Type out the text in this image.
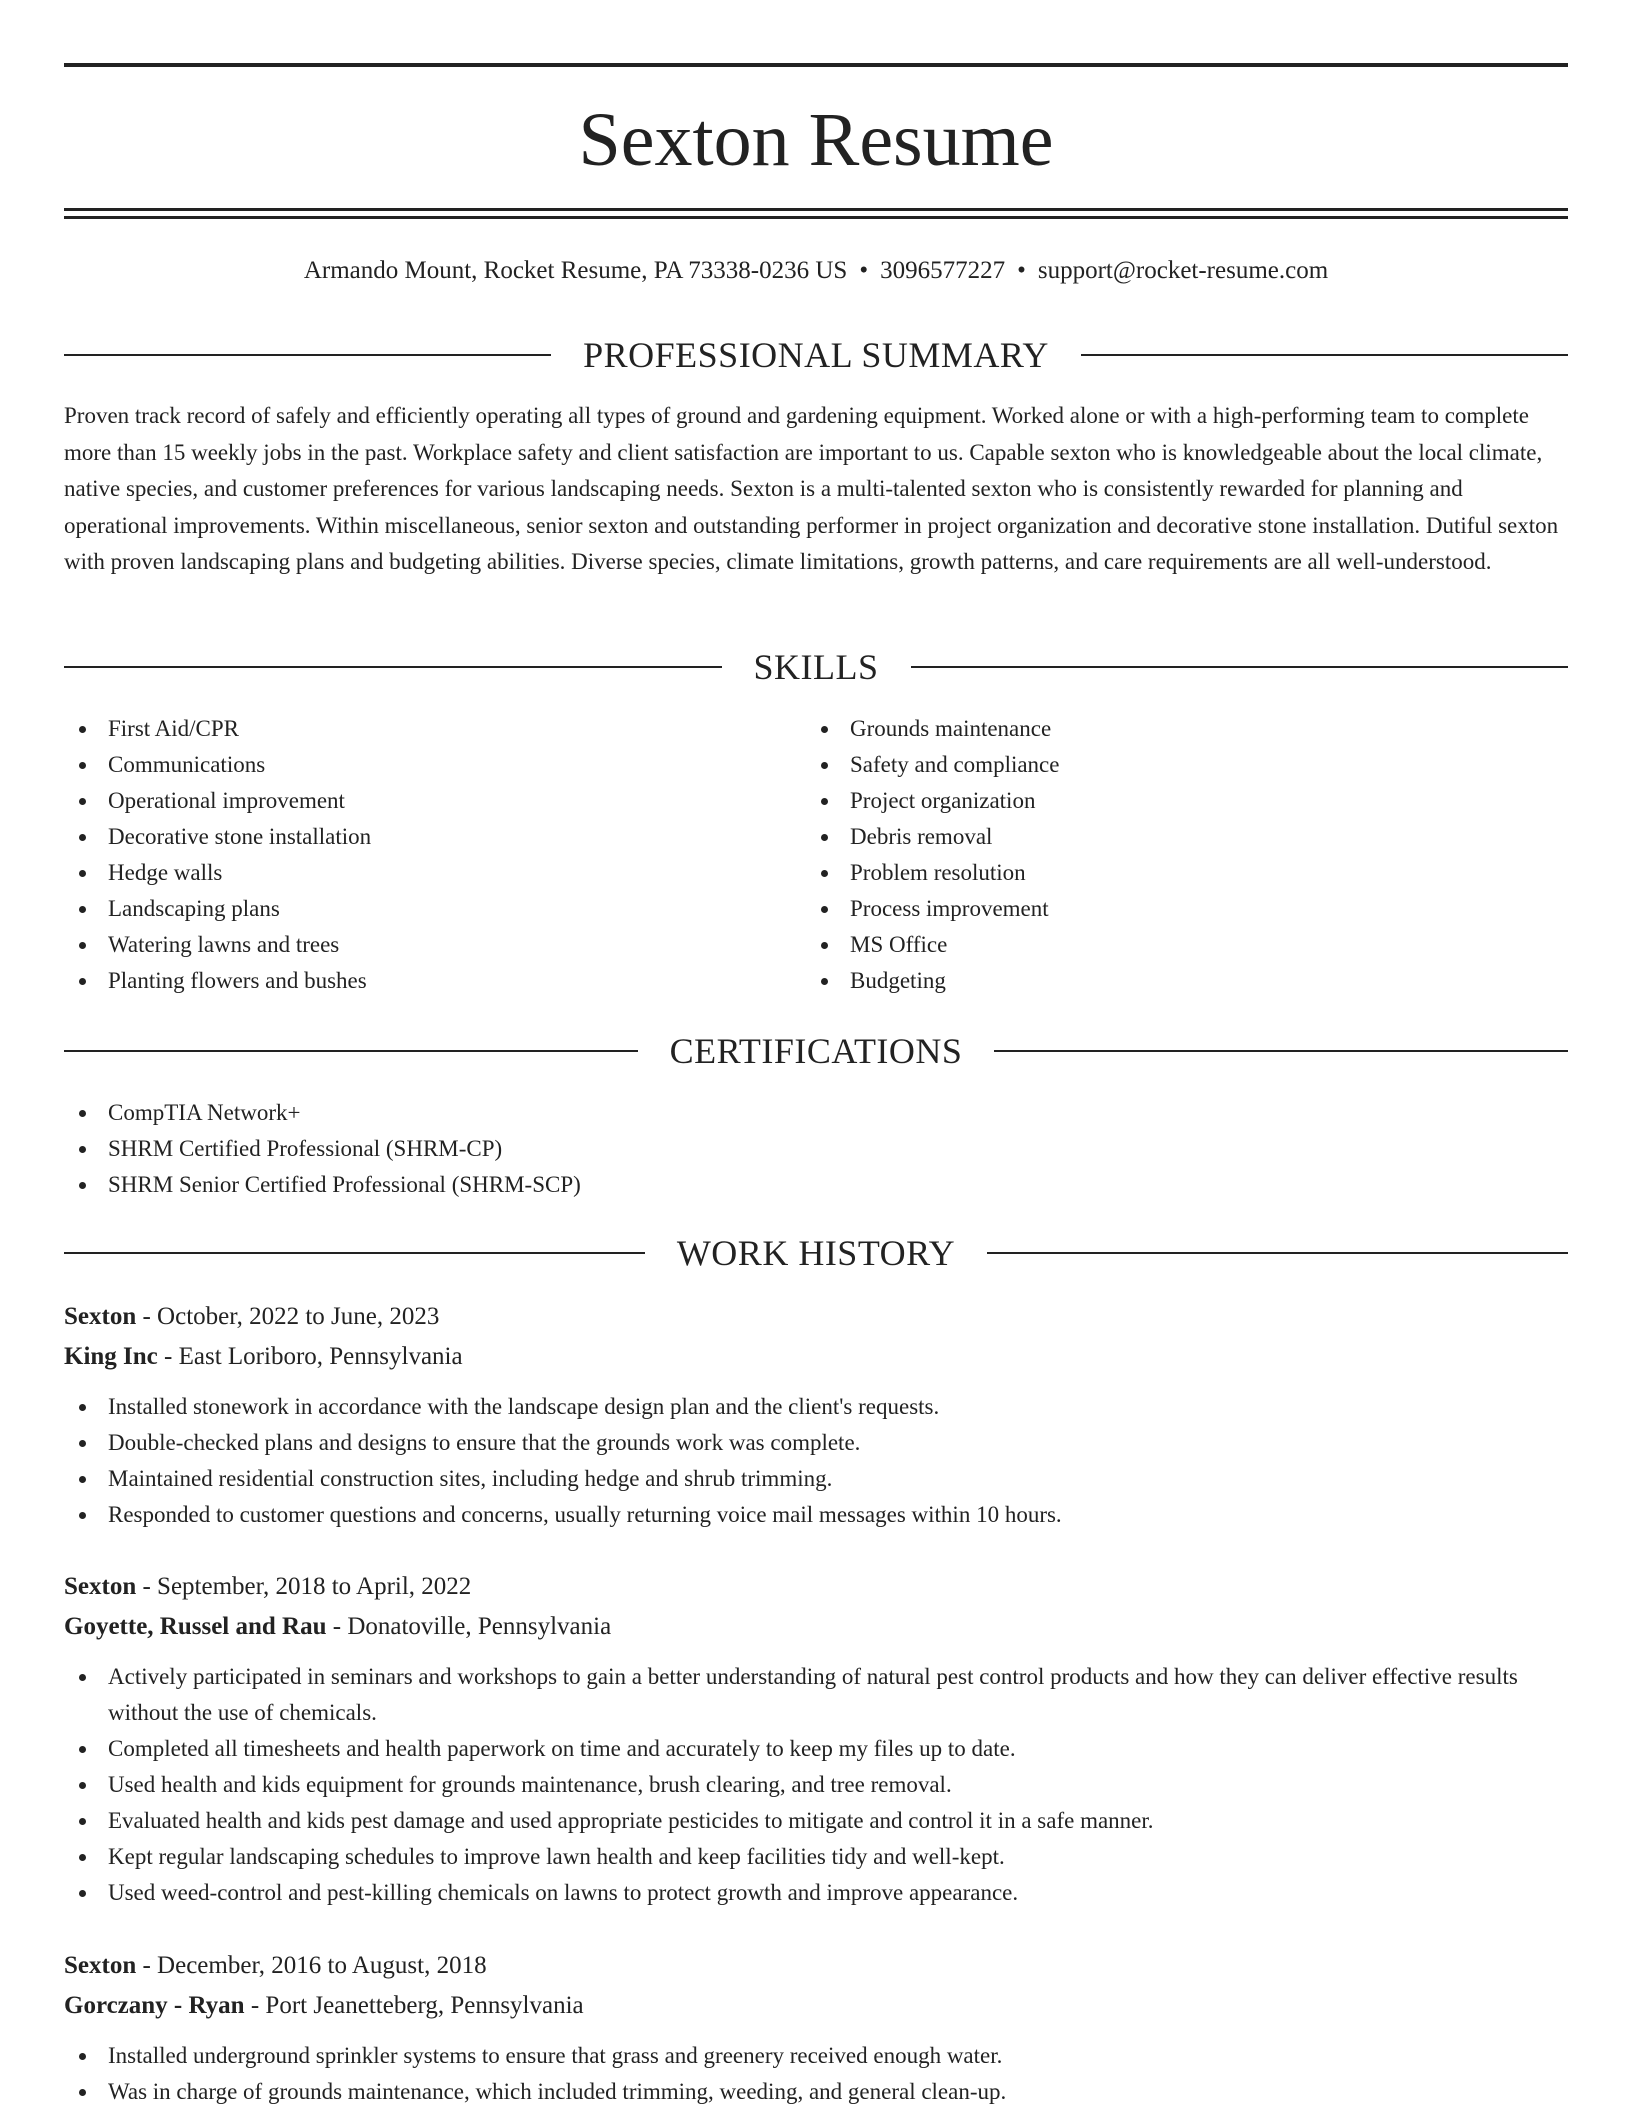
Sexton Resume
Armando Mount, Rocket Resume, PA 73338-0236 US • 3096577227 • support@rocket-resume.com
PROFESSIONAL SUMMARY

Proven track record of safely and efficiently operating all types of ground and gardening equipment. Worked alone or with a high-performing team to complete more than 15 weekly jobs in the past. Workplace safety and client satisfaction are important to us. Capable sexton who is knowledgeable about the local climate, native species, and customer preferences for various landscaping needs. Sexton is a multi-talented sexton who is consistently rewarded for planning and operational improvements. Within miscellaneous, senior sexton and outstanding performer in project organization and decorative stone installation. Dutiful sexton with proven landscaping plans and budgeting abilities. Diverse species, climate limitations, growth patterns, and care requirements are all well-understood.

SKILLS
First Aid/CPR
Communications
Operational improvement
Decorative stone installation
Hedge walls
Landscaping plans
Watering lawns and trees
Planting flowers and bushes
Grounds maintenance
Safety and compliance
Project organization
Debris removal
Problem resolution
Process improvement
MS Office
Budgeting
CERTIFICATIONS
CompTIA Network+
SHRM Certified Professional (SHRM-CP)
SHRM Senior Certified Professional (SHRM-SCP)
WORK HISTORY
Sexton - October, 2022 to June, 2023
King Inc - East Loriboro, Pennsylvania
Installed stonework in accordance with the landscape design plan and the client's requests.
Double-checked plans and designs to ensure that the grounds work was complete.
Maintained residential construction sites, including hedge and shrub trimming.
Responded to customer questions and concerns, usually returning voice mail messages within 10 hours.
Sexton - September, 2018 to April, 2022
Goyette, Russel and Rau - Donatoville, Pennsylvania
Actively participated in seminars and workshops to gain a better understanding of natural pest control products and how they can deliver effective results without the use of chemicals.
Completed all timesheets and health paperwork on time and accurately to keep my files up to date.
Used health and kids equipment for grounds maintenance, brush clearing, and tree removal.
Evaluated health and kids pest damage and used appropriate pesticides to mitigate and control it in a safe manner.
Kept regular landscaping schedules to improve lawn health and keep facilities tidy and well-kept.
Used weed-control and pest-killing chemicals on lawns to protect growth and improve appearance.
Sexton - December, 2016 to August, 2018
Gorczany - Ryan - Port Jeanetteberg, Pennsylvania
Installed underground sprinkler systems to ensure that grass and greenery received enough water.
Was in charge of grounds maintenance, which included trimming, weeding, and general clean-up.
